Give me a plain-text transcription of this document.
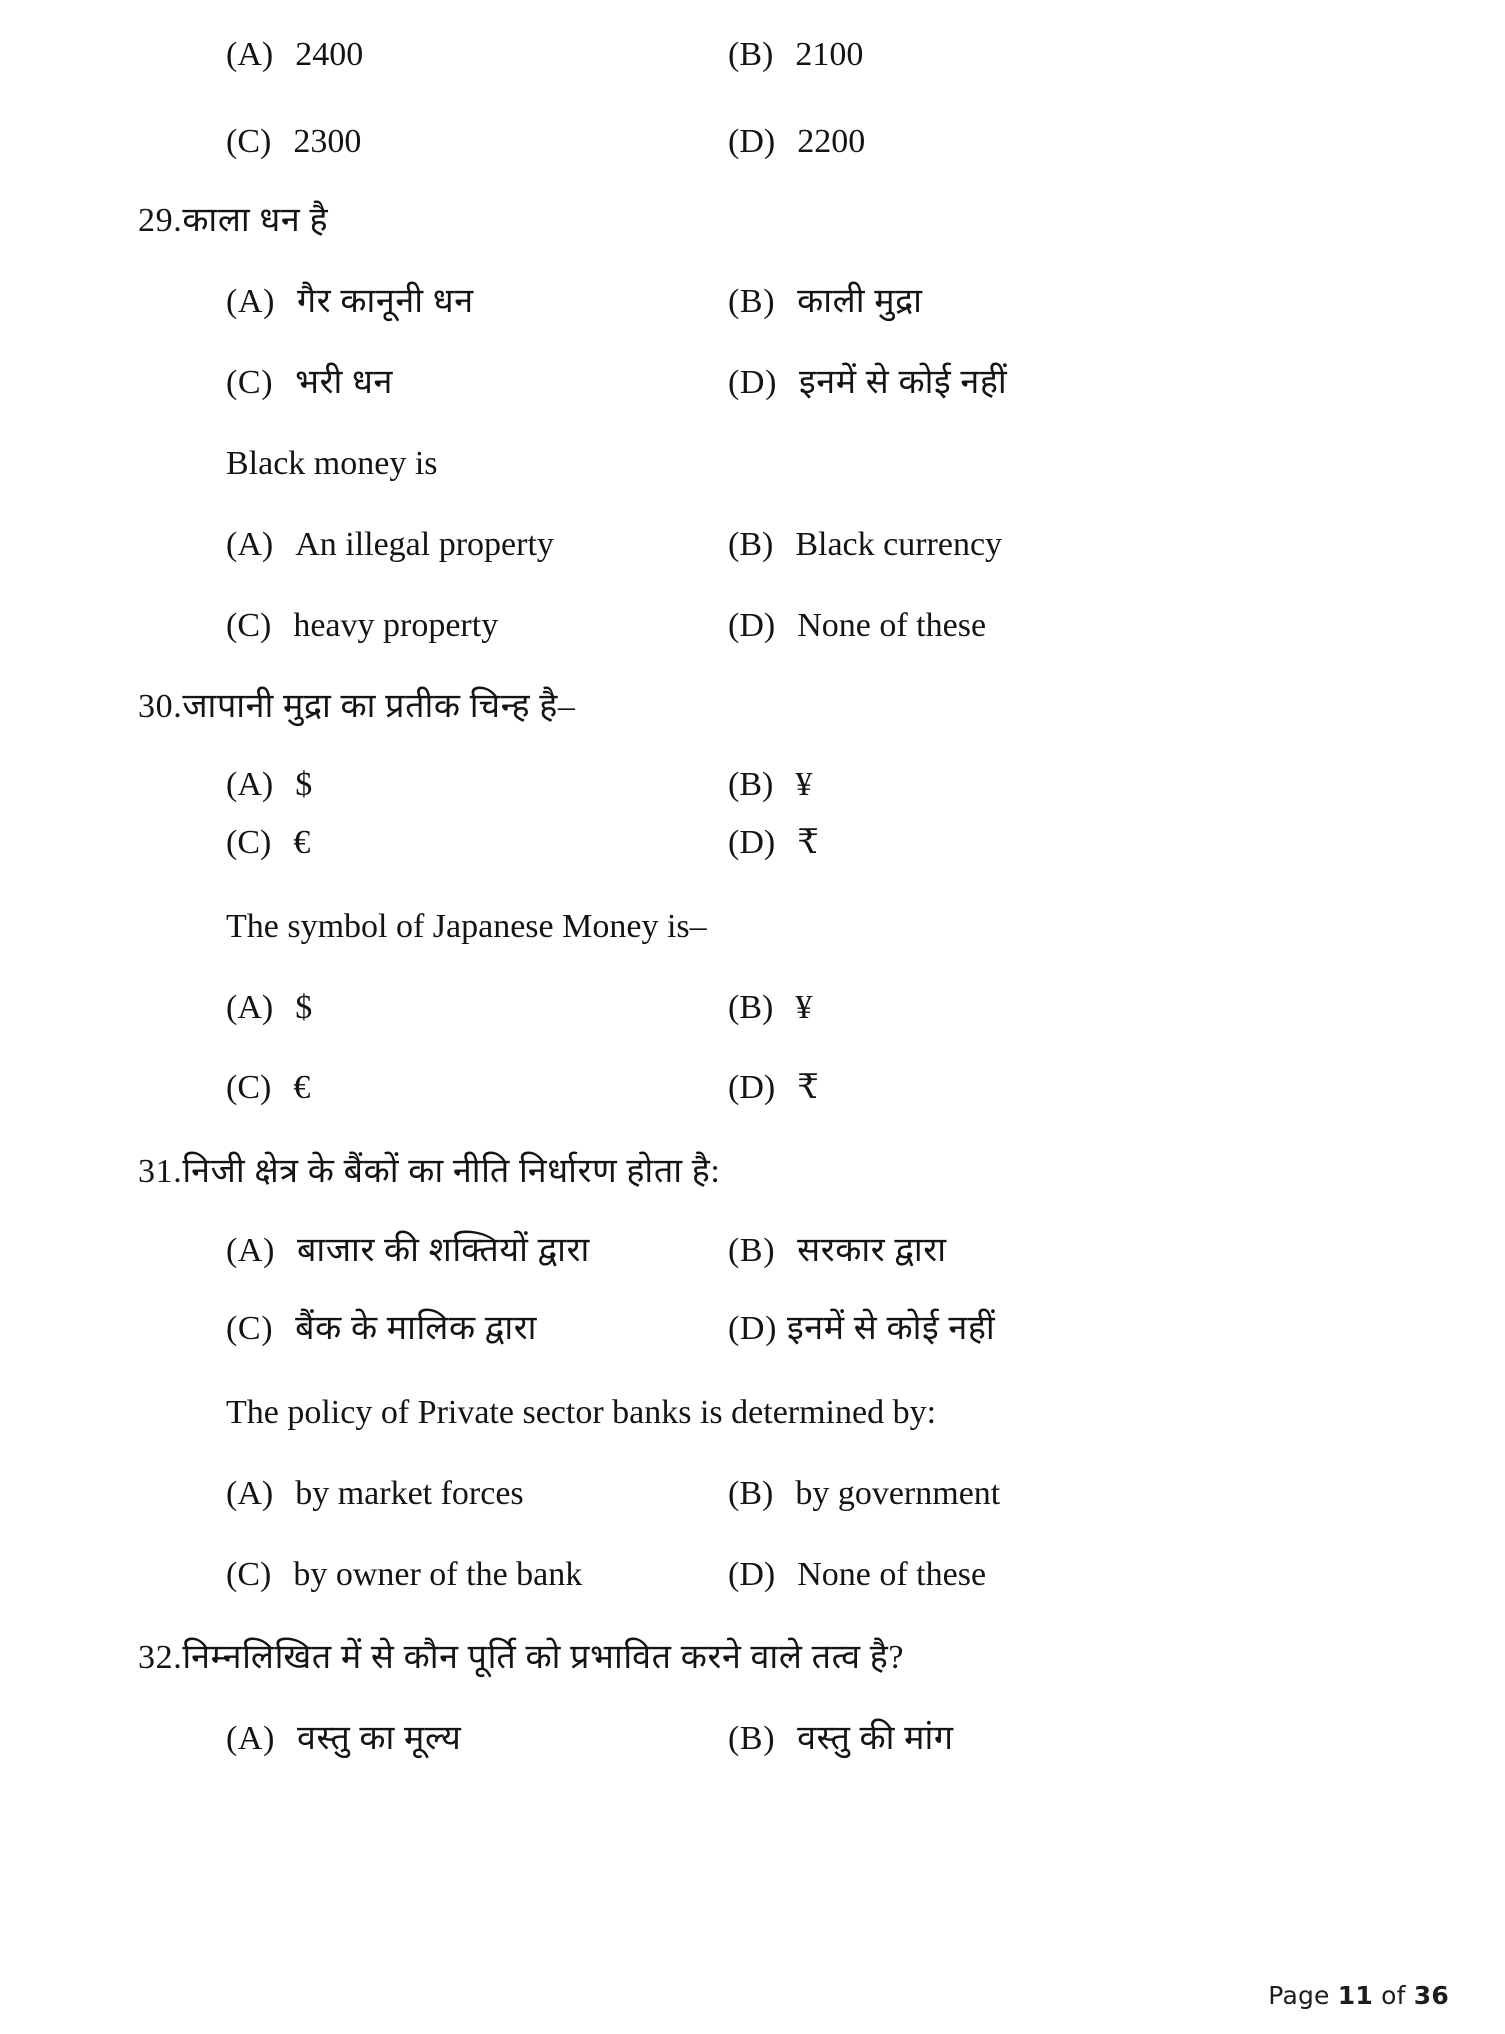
(A) 2400	(B) 2100
(C) 2300	(D) 2200
29. काला धन है
(A) गैर कानूनी धन	(B) काली मुद्रा
(C) भरी धन	(D) इनमें से कोई नहीं
Black money is
(A) An illegal property	(B) Black currency
(C) heavy property	(D) None of these
30. जापानी मुद्रा का प्रतीक चिन्ह है–
(A) $	(B) ¥
(C) €	(D) ₹
The symbol of Japanese Money is–
(A) $	(B) ¥
(C) €	(D) ₹
31. निजी क्षेत्र के बैंकों का नीति निर्धारण होता है:
(A) बाजार की शक्तियों द्वारा	(B) सरकार द्वारा
(C) बैंक के मालिक द्वारा	(D) इनमें से कोई नहीं
The policy of Private sector banks is determined by:
(A) by market forces	(B) by government
(C) by owner of the bank	(D) None of these
32. निम्नलिखित में से कौन पूर्ति को प्रभावित करने वाले तत्व है?
(A) वस्तु का मूल्य	(B) वस्तु की मांग
Page 11 of 36
